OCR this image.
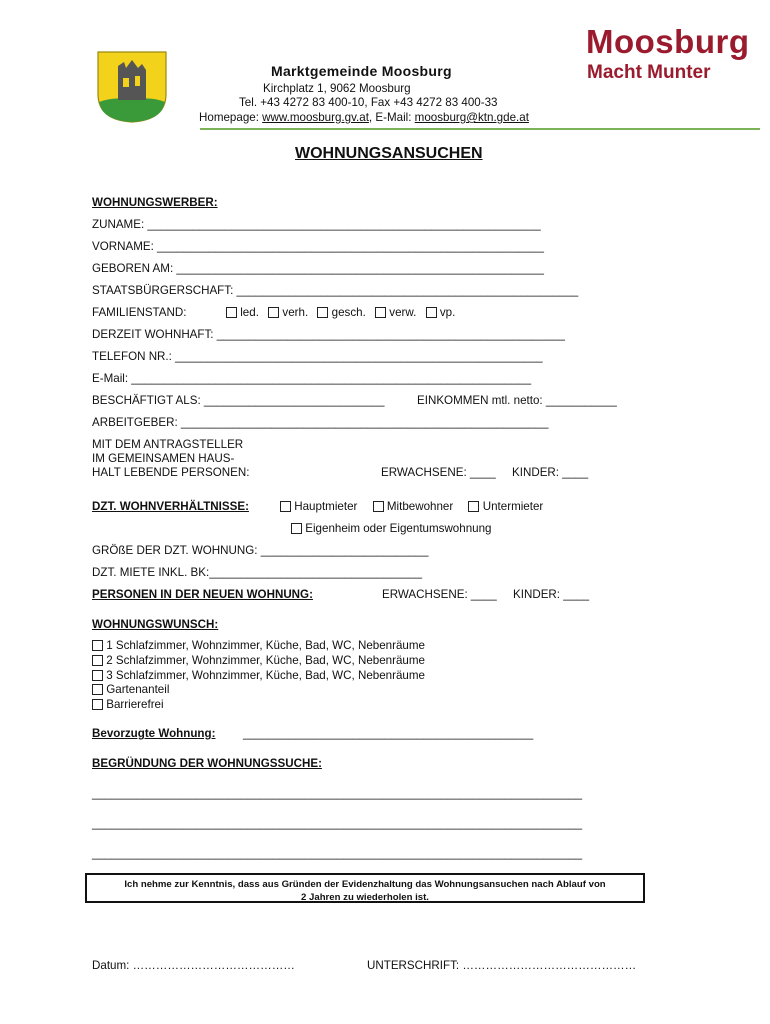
Marktgemeinde Moosburg
Kirchplatz 1, 9062 Moosburg
Tel. +43 4272 83 400-10, Fax +43 4272 83 400-33
Homepage: www.moosburg.gv.at, E-Mail: moosburg@ktn.gde.at
Moosburg
Macht Munter
WOHNUNGSANSUCHEN
WOHNUNGSWERBER:
ZUNAME: _____________________________________________________________
VORNAME: ____________________________________________________________
GEBOREN AM: _________________________________________________________
STAATSBÜRGERSCHAFT: _____________________________________________________
FAMILIENSTAND:	led. verh. gesch. verw. vp.
DERZEIT WOHNHAFT: ______________________________________________________
TELEFON NR.: _________________________________________________________
E-Mail: ______________________________________________________________
BESCHÄFTIGT ALS: ____________________________	EINKOMMEN mtl. netto: ___________
ARBEITGEBER: _________________________________________________________
MIT DEM ANTRAGSTELLER
IM GEMEINSAMEN HAUS-
HALT LEBENDE PERSONEN:	ERWACHSENE: ____ KINDER: ____
DZT. WOHNVERHÄLTNISSE:	Hauptmieter	Mitbewohner	Untermieter
Eigenheim oder Eigentumswohnung
GRÖßE DER DZT. WOHNUNG: __________________________
DZT. MIETE INKL. BK:_________________________________
PERSONEN IN DER NEUEN WOHNUNG:	ERWACHSENE: ____ KINDER: ____
WOHNUNGSWUNSCH:
1 Schlafzimmer, Wohnzimmer, Küche, Bad, WC, Nebenräume
2 Schlafzimmer, Wohnzimmer, Küche, Bad, WC, Nebenräume
3 Schlafzimmer, Wohnzimmer, Küche, Bad, WC, Nebenräume
Gartenanteil
Barrierefrei
Bevorzugte Wohnung: _____________________________________________
BEGRÜNDUNG DER WOHNUNGSSUCHE:
____________________________________________________________________________
____________________________________________________________________________
____________________________________________________________________________
Ich nehme zur Kenntnis, dass aus Gründen der Evidenzhaltung das Wohnungsansuchen nach Ablauf von
2 Jahren zu wiederholen ist.
Datum: ……………………………………	UNTERSCHRIFT: ………………………………………
